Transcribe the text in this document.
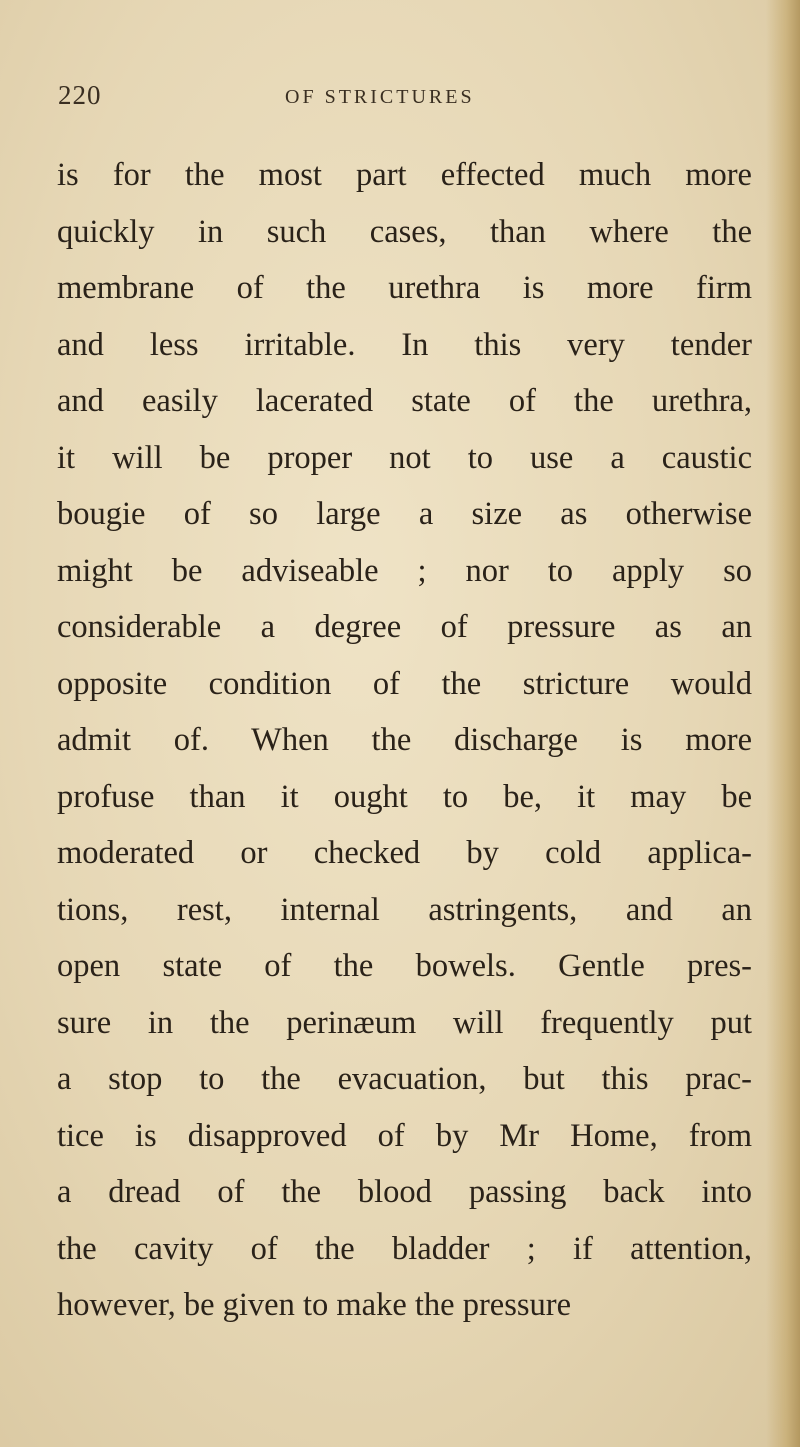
220	OF STRICTURES
is for the most part effected much more
quickly in such cases, than where the
membrane of the urethra is more firm
and less irritable. In this very tender
and easily lacerated state of the urethra,
it will be proper not to use a caustic
bougie of so large a size as otherwise
might be adviseable ; nor to apply so
considerable a degree of pressure as an
opposite condition of the stricture would
admit of. When the discharge is more
profuse than it ought to be, it may be
moderated or checked by cold applica-
tions, rest, internal astringents, and an
open state of the bowels. Gentle pres-
sure in the perinæum will frequently put
a stop to the evacuation, but this prac-
tice is disapproved of by Mr Home, from
a dread of the blood passing back into
the cavity of the bladder ; if attention,
however, be given to make the pressure
